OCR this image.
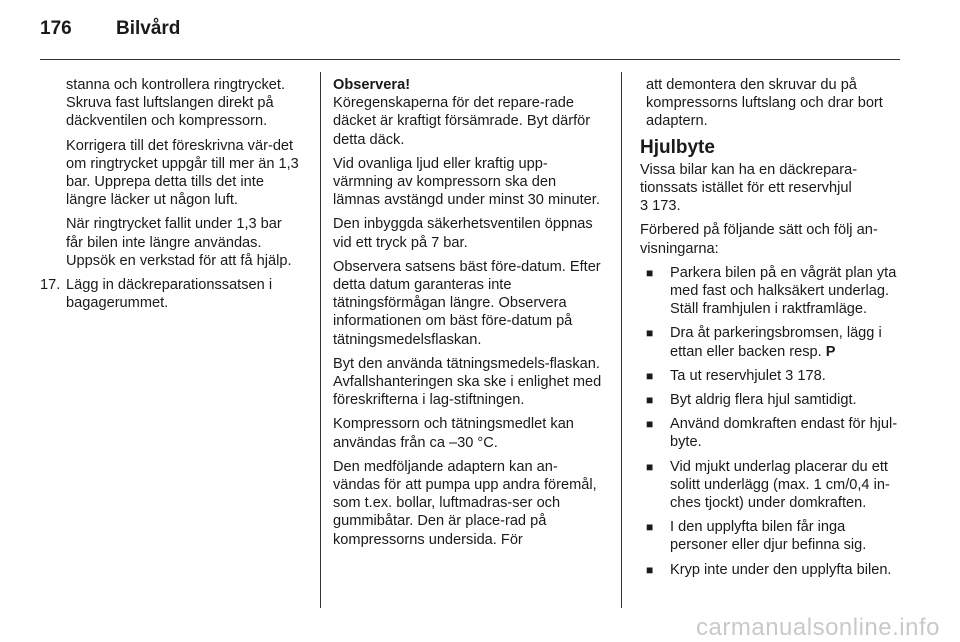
176 Bilvård

stanna och kontrollera ringtrycket. Skruva fast luftslangen direkt på däckventilen och kompressorn.

Korrigera till det föreskrivna vär-det om ringtrycket uppgår till mer än 1,3 bar. Upprepa detta tills det inte längre läcker ut någon luft.

När ringtrycket fallit under 1,3 bar får bilen inte längre användas. Uppsök en verkstad för att få hjälp.

17. Lägg in däckreparationssatsen i bagagerummet.
Observera!

Köregenskaperna för det repare-rade däcket är kraftigt försämrade. Byt därför detta däck.

Vid ovanliga ljud eller kraftig upp-värmning av kompressorn ska den lämnas avstängd under minst 30 minuter.

Den inbyggda säkerhetsventilen öppnas vid ett tryck på 7 bar.

Observera satsens bäst före-datum. Efter detta datum garanteras inte tätningsförmågan längre. Observera informationen om bäst före-datum på tätningsmedelsflaskan.

Byt den använda tätningsmedels-flaskan. Avfallshanteringen ska ske i enlighet med föreskrifterna i lag-stiftningen.

Kompressorn och tätningsmedlet kan användas från ca –30 °C.

Den medföljande adaptern kan an-vändas för att pumpa upp andra föremål, som t.ex. bollar, luftmadras-ser och gummibåtar. Den är place-rad på kompressorns undersida. För

att demontera den skruvar du på kompressorns luftslang och drar bort adaptern.

Hjulbyte

Vissa bilar kan ha en däckrepara-tionssats istället för ett reservhjul
3 173.

Förbered på följande sätt och följ an-visningarna:

■ Parkera bilen på en vågrät plan yta med fast och halksäkert underlag. Ställ framhjulen i raktframläge.
■ Dra åt parkeringsbromsen, lägg i ettan eller backen resp. P
■ Ta ut reservhjulet 3 178.
■ Byt aldrig flera hjul samtidigt.
■ Använd domkraften endast för hjul-byte.
■ Vid mjukt underlag placerar du ett solitt underlägg (max. 1 cm/0,4 in-ches tjockt) under domkraften.
■ I den upplyfta bilen får inga personer eller djur befinna sig.
■ Kryp inte under den upplyfta bilen.
carmanualsonline.info
